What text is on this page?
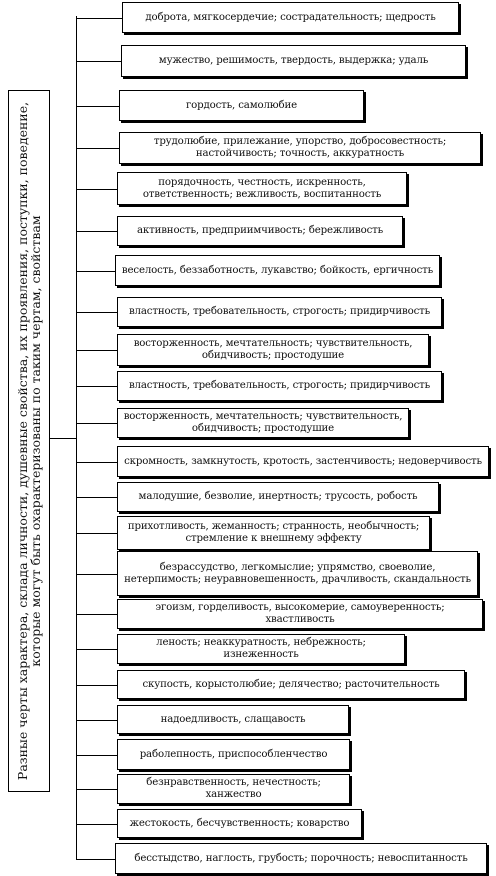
Разные черты характера, склада личности, душевные свойства, их проявления, поступки, поведение, которые могут быть охарактеризованы по таким чертам, свойствам
доброта, мягкосердечие; сострадательность; щедрость
мужество, решимость, твердость, выдержка; удаль
гордость, самолюбие
трудолюбие, прилежание, упорство, добросовестность; настойчивость; точность, аккуратность
порядочность, честность, искренность, ответственность; вежливость, воспитанность
активность, предприимчивость; бережливость
веселость, беззаботность, лукавство; бойкость, ергичность
властность, требовательность, строгость; придирчивость
восторженность, мечтательность; чувствительность, обидчивость; простодушие
властность, требовательность, строгость; придирчивость
восторженность, мечтательность; чувствительность, обидчивость; простодушие
скромность, замкнутость, кротость, застенчивость; недоверчивость
малодушие, безволие, инертность; трусость, робость
прихотливость, жеманность; странность, необычность; стремление к внешнему эффекту
безрассудство, легкомыслие; упрямство, своеволие, нетерпимость; неуравновешенность, драчливость, скандальность
эгоизм, горделивость, высокомерие, самоуверенность; хвастливость
леность; неаккуратность, небрежность; изнеженность
скупость, корыстолюбие; делячество; расточительность
надоедливость, слащавость
раболепность, приспособленчество
безнравственность, нечестность; ханжество
жестокость, бесчувственность; коварство
бесстыдство, наглость, грубость; порочность; невоспитанность
